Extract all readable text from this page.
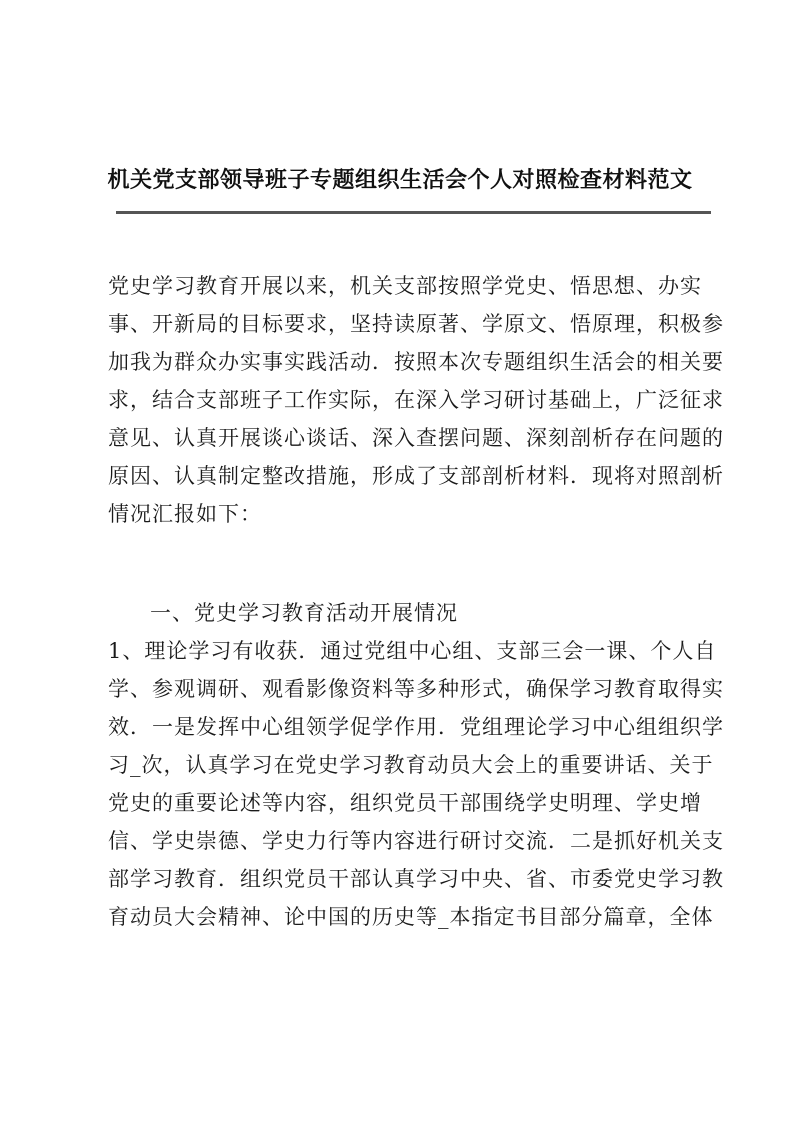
机关党支部领导班子专题组织生活会个人对照检查材料范文
党史学习教育开展以来，机关支部按照学党史、悟思想、办实
事、开新局的目标要求，坚持读原著、学原文、悟原理，积极参
加我为群众办实事实践活动．按照本次专题组织生活会的相关要
求，结合支部班子工作实际，在深入学习研讨基础上，广泛征求
意见、认真开展谈心谈话、深入查摆问题、深刻剖析存在问题的
原因、认真制定整改措施，形成了支部剖析材料．现将对照剖析
情况汇报如下：
一、党史学习教育活动开展情况
1、理论学习有收获．通过党组中心组、支部三会一课、个人自
学、参观调研、观看影像资料等多种形式，确保学习教育取得实
效．一是发挥中心组领学促学作用．党组理论学习中心组组织学
习_次，认真学习在党史学习教育动员大会上的重要讲话、关于
党史的重要论述等内容，组织党员干部围绕学史明理、学史增
信、学史崇德、学史力行等内容进行研讨交流．二是抓好机关支
部学习教育．组织党员干部认真学习中央、省、市委党史学习教
育动员大会精神、论中国的历史等_本指定书目部分篇章，全体
